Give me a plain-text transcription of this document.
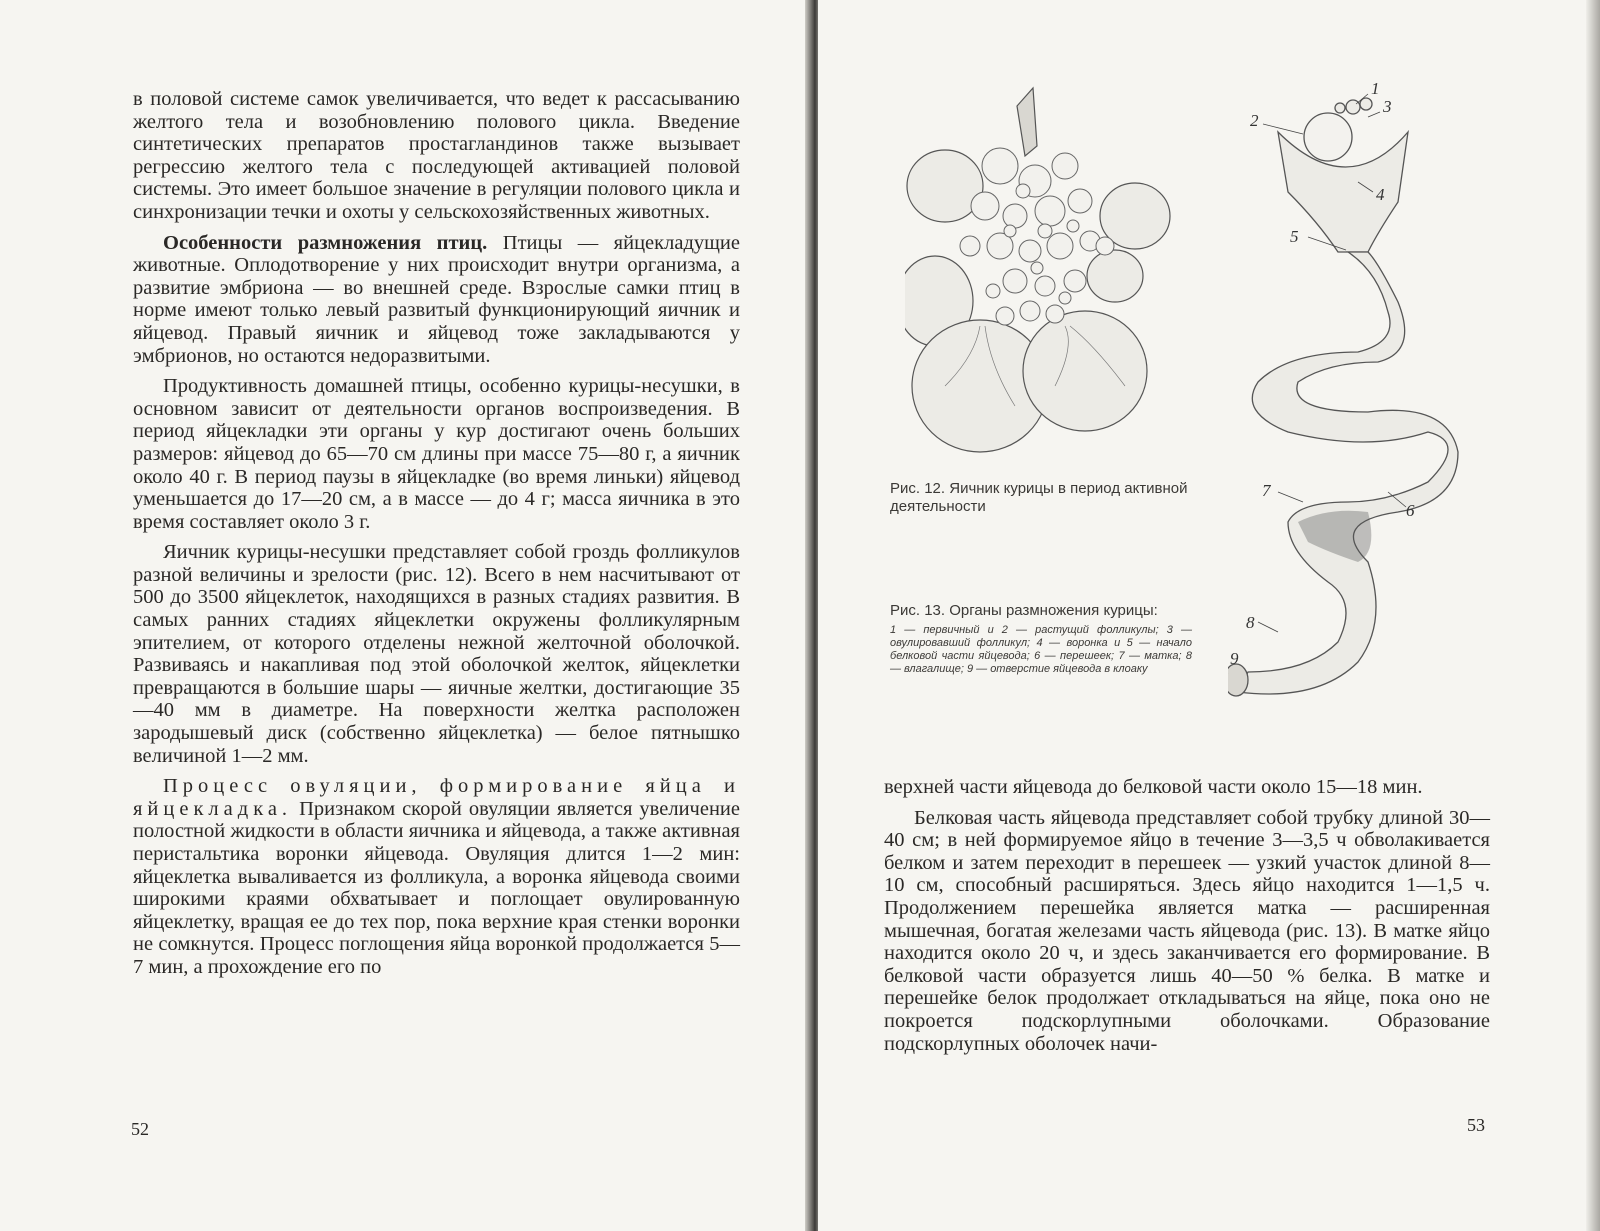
в половой системе самок увеличивается, что ведет к рассасыванию желтого тела и возобновлению полового цикла. Введение синтетических препаратов простагландинов также вызывает регрессию желтого тела с последующей активацией половой системы. Это имеет большое значение в регуляции полового цикла и синхронизации течки и охоты у сельскохозяйственных животных.

Особенности размножения птиц. Птицы — яйцекладущие животные. Оплодотворение у них происходит внутри организма, а развитие эмбриона — во внешней среде. Взрослые самки птиц в норме имеют только левый развитый функционирующий яичник и яйцевод. Правый яичник и яйцевод тоже закладываются у эмбрионов, но остаются недоразвитыми.

Продуктивность домашней птицы, особенно курицы-несушки, в основном зависит от деятельности органов воспроизведения. В период яйцекладки эти органы у кур достигают очень больших размеров: яйцевод до 65—70 см длины при массе 75—80 г, а яичник около 40 г. В период паузы в яйцекладке (во время линьки) яйцевод уменьшается до 17—20 см, а в массе — до 4 г; масса яичника в это время составляет около 3 г.

Яичник курицы-несушки представляет собой гроздь фолликулов разной величины и зрелости (рис. 12). Всего в нем насчитывают от 500 до 3500 яйцеклеток, находящихся в разных стадиях развития. В самых ранних стадиях яйцеклетки окружены фолликулярным эпителием, от которого отделены нежной желточной оболочкой. Развиваясь и накапливая под этой оболочкой желток, яйцеклетки превращаются в большие шары — яичные желтки, достигающие 35—40 мм в диаметре. На поверхности желтка расположен зародышевый диск (собственно яйцеклетка) — белое пятнышко величиной 1—2 мм.

Процесс овуляции, формирование яйца и яйцекладка. Признаком скорой овуляции является увеличение полостной жидкости в области яичника и яйцевода, а также активная перистальтика воронки яйцевода. Овуляция длится 1—2 мин: яйцеклетка вываливается из фолликула, а воронка яйцевода своими широкими краями обхватывает и поглощает овулированную яйцеклетку, вращая ее до тех пор, пока верхние края стенки воронки не сомкнутся. Процесс поглощения яйца воронкой продолжается 5—7 мин, а прохождение его по

52
Рис. 12. Яичник курицы в период активной деятельности
Рис. 13. Органы размножения курицы:
1 — первичный и 2 — растущий фолликулы; 3 — овулировавший фолликул; 4 — воронка и 5 — начало белковой части яйцевода; 6 — перешеек; 7 — матка; 8 — влагалище; 9 — отверстие яйцевода в клоаку
1
2
3
4
5
6
7
8
9

верхней части яйцевода до белковой части около 15—18 мин.

Белковая часть яйцевода представляет собой трубку длиной 30—40 см; в ней формируемое яйцо в течение 3—3,5 ч обволакивается белком и затем переходит в перешеек — узкий участок длиной 8—10 см, способный расширяться. Здесь яйцо находится 1—1,5 ч. Продолжением перешейка является матка — расширенная мышечная, богатая железами часть яйцевода (рис. 13). В матке яйцо находится около 20 ч, и здесь заканчивается его формирование. В белковой части образуется лишь 40—50 % белка. В матке и перешейке белок продолжает откладываться на яйце, пока оно не покроется подскорлупными оболочками. Образование подскорлупных оболочек начи-

53
